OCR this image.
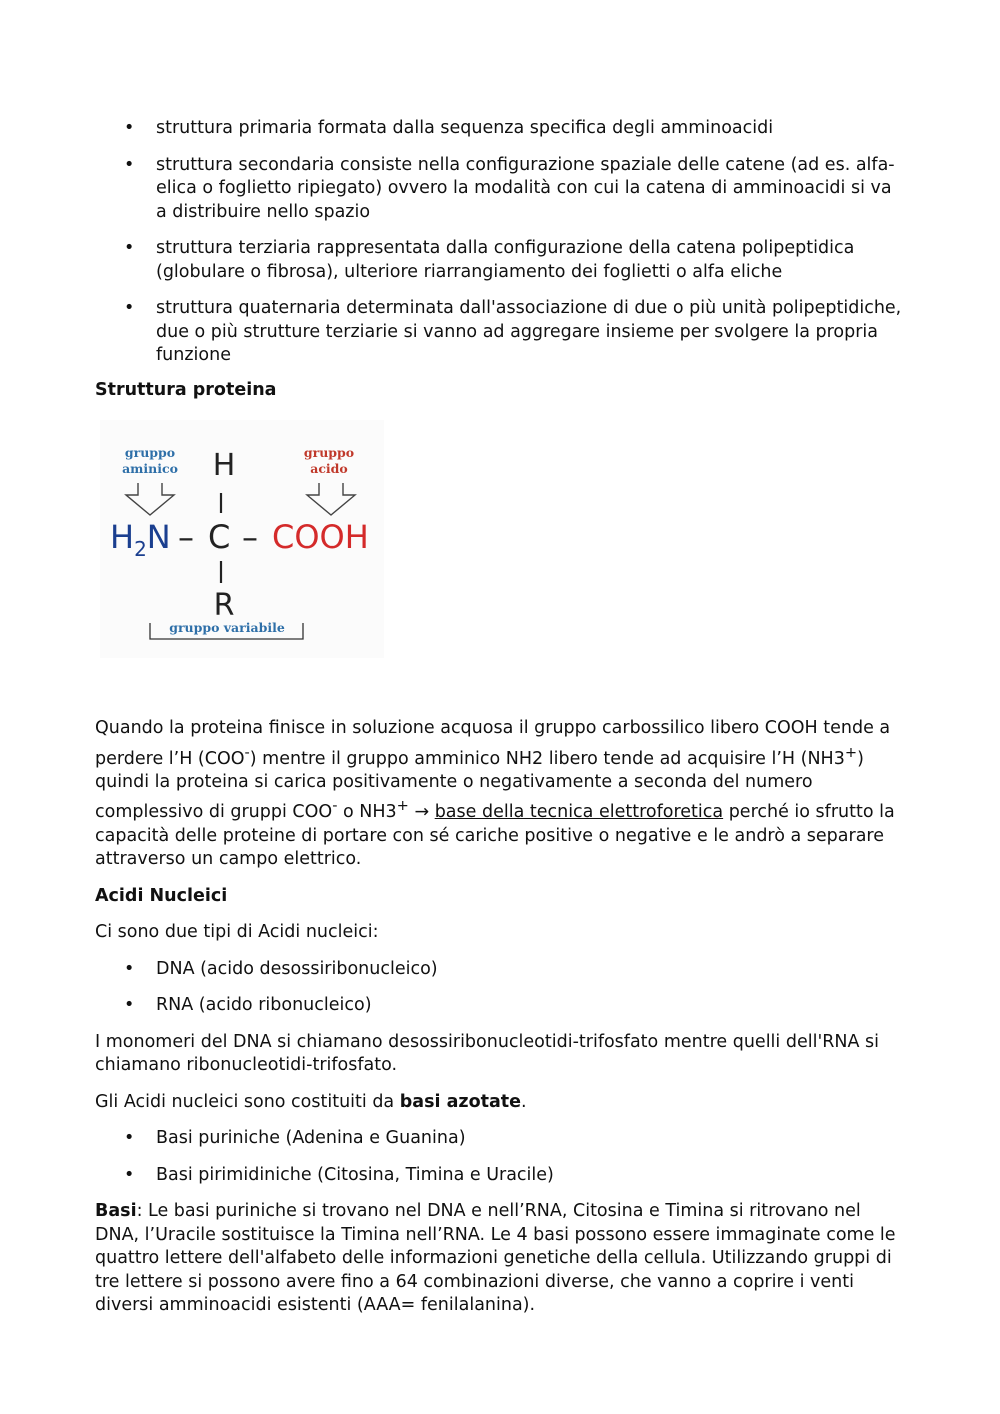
• struttura primaria formata dalla sequenza specifica degli amminoacidi
• struttura secondaria consiste nella configurazione spaziale delle catene (ad es. alfa-elica o foglietto ripiegato) ovvero la modalità con cui la catena di amminoacidi si va a distribuire nello spazio
• struttura terziaria rappresentata dalla configurazione della catena polipeptidica (globulare o fibrosa), ulteriore riarrangiamento dei foglietti o alfa eliche
• struttura quaternaria determinata dall'associazione di due o più unità polipeptidiche, due o più strutture terziarie si vanno ad aggregare insieme per svolgere la propria funzione
Struttura proteina
gruppo
aminico
gruppo
acido
H
$H_2N$ – C – COOH
R
gruppo variabile

Quando la proteina finisce in soluzione acquosa il gruppo carbossilico libero COOH tende a perdere l’H (COO-) mentre il gruppo amminico NH2 libero tende ad acquisire l’H (NH3+) quindi la proteina si carica positivamente o negativamente a seconda del numero complessivo di gruppi COO- o NH3+ → base della tecnica elettroforetica perché io sfrutto la capacità delle proteine di portare con sé cariche positive o negative e le andrò a separare attraverso un campo elettrico.

Acidi Nucleici

Ci sono due tipi di Acidi nucleici:

• DNA (acido desossiribonucleico)
• RNA (acido ribonucleico)

I monomeri del DNA si chiamano desossiribonucleotidi-trifosfato mentre quelli dell'RNA si chiamano ribonucleotidi-trifosfato.

Gli Acidi nucleici sono costituiti da basi azotate.

• Basi puriniche (Adenina e Guanina)
• Basi pirimidiniche (Citosina, Timina e Uracile)

Basi: Le basi puriniche si trovano nel DNA e nell’RNA, Citosina e Timina si ritrovano nel DNA, l’Uracile sostituisce la Timina nell’RNA. Le 4 basi possono essere immaginate come le quattro lettere dell'alfabeto delle informazioni genetiche della cellula. Utilizzando gruppi di tre lettere si possono avere fino a 64 combinazioni diverse, che vanno a coprire i venti diversi amminoacidi esistenti (AAA= fenilalanina).
